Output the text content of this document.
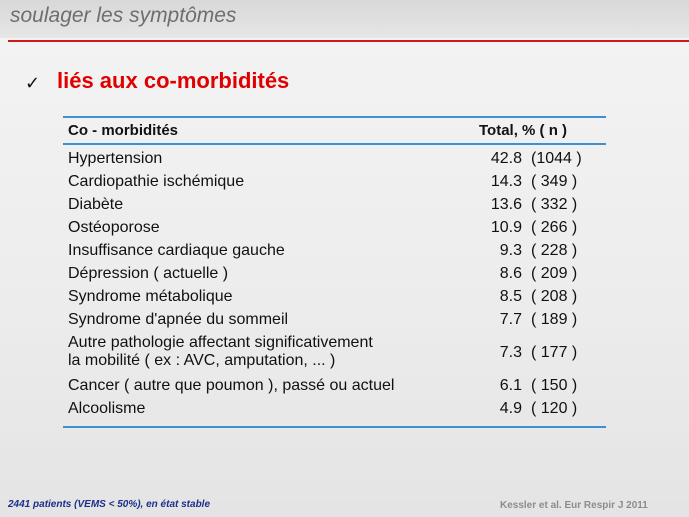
soulager les symptômes
✓ liés aux co-morbidités
Co - morbidités	Total, % ( n )
Hypertension	42.8 (1044 )
Cardiopathie ischémique	14.3 ( 349 )
Diabète	13.6 ( 332 )
Ostéoporose	10.9 ( 266 )
Insuffisance cardiaque gauche	9.3 ( 228 )
Dépression ( actuelle )	8.6 ( 209 )
Syndrome métabolique	8.5 ( 208 )
Syndrome d'apnée du sommeil	7.7 ( 189 )
Autre pathologie affectant significativement
la mobilité ( ex : AVC, amputation, ... )	7.3 ( 177 )
Cancer ( autre que poumon ), passé ou actuel	6.1 ( 150 )
Alcoolisme	4.9 ( 120 )
2441 patients (VEMS < 50%), en état stable	Kessler et al. Eur Respir J 2011
